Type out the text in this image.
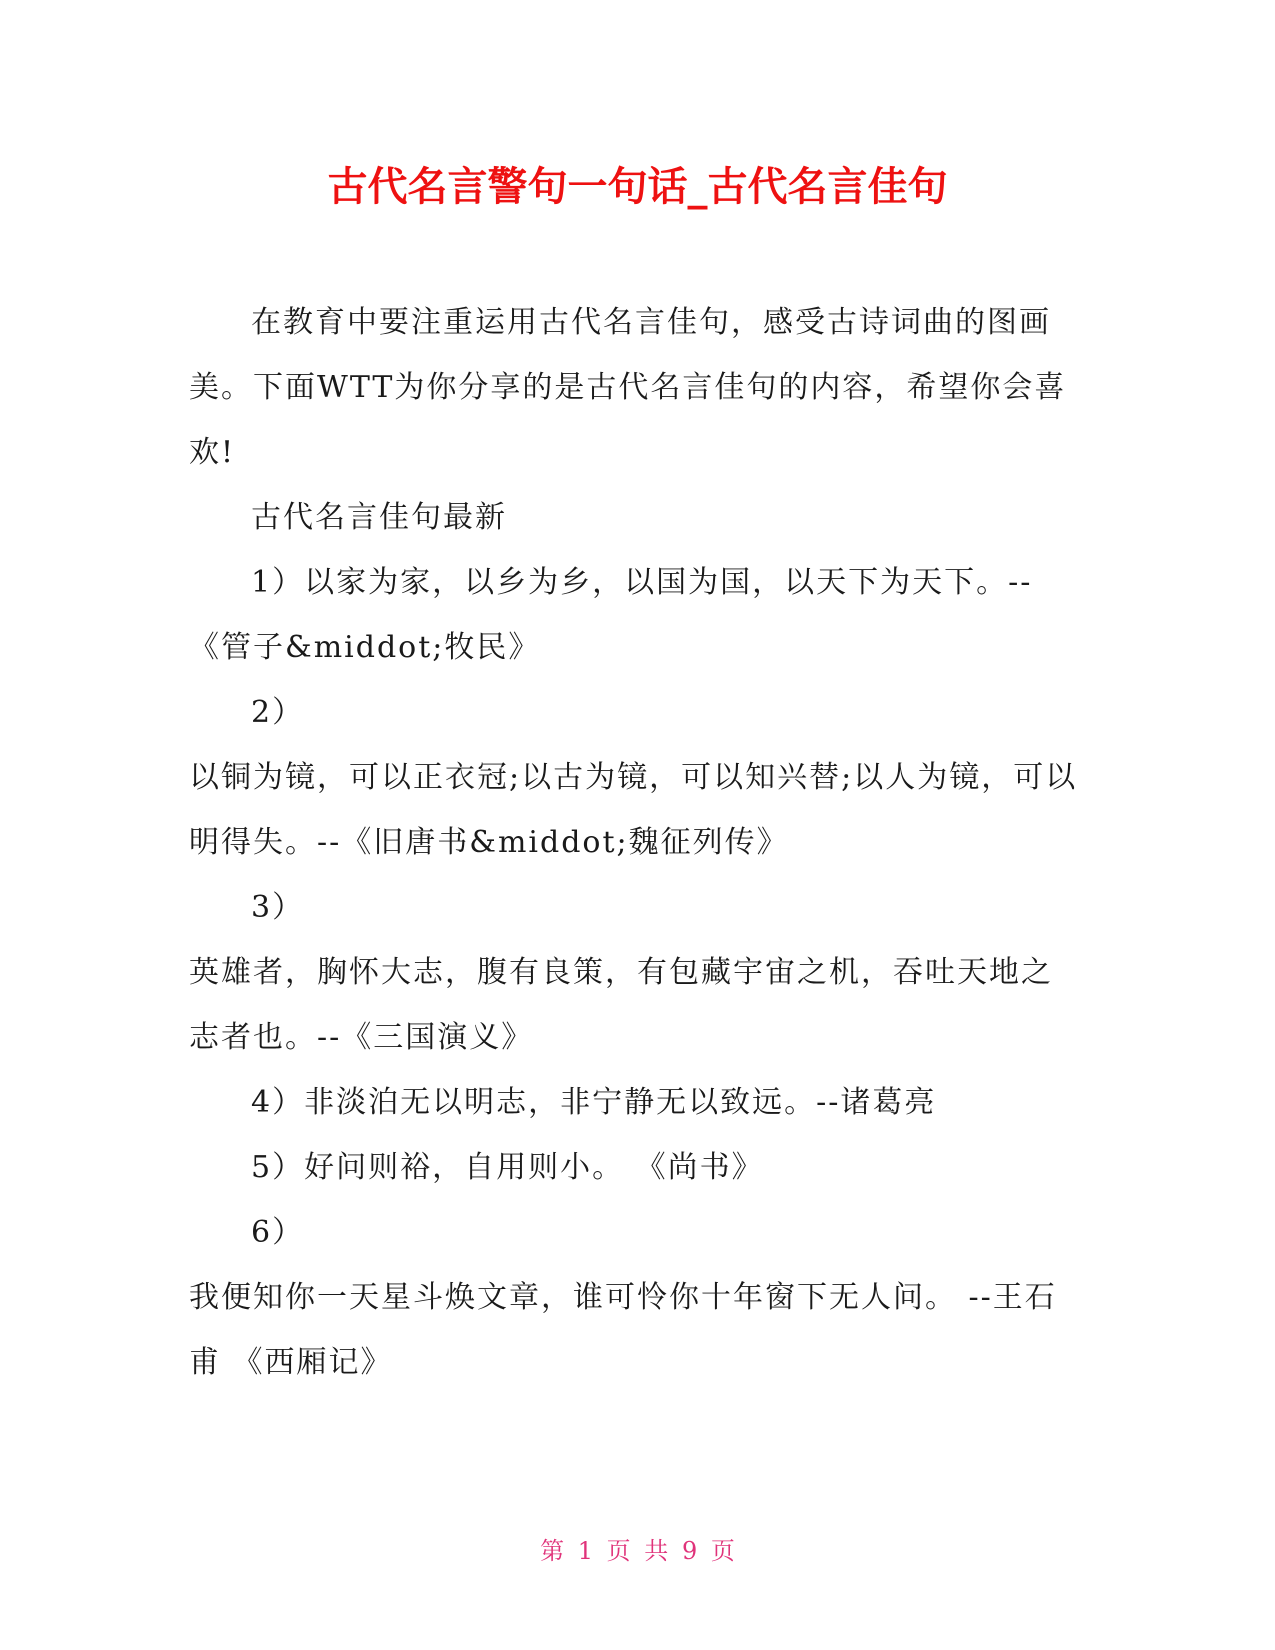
古代名言警句一句话_古代名言佳句

在教育中要注重运用古代名言佳句，感受古诗词曲的图画美。下面WTT为你分享的是古代名言佳句的内容，希望你会喜欢!

古代名言佳句最新

1）以家为家，以乡为乡，以国为国，以天下为天下。--《管子&middot;牧民》

2）

以铜为镜，可以正衣冠;以古为镜，可以知兴替;以人为镜，可以明得失。--《旧唐书&middot;魏征列传》

3）

英雄者，胸怀大志，腹有良策，有包藏宇宙之机，吞吐天地之志者也。--《三国演义》

4）非淡泊无以明志，非宁静无以致远。--诸葛亮

5）好问则裕，自用则小。 《尚书》

6）

我便知你一天星斗焕文章，谁可怜你十年窗下无人问。 --王石甫 《西厢记》

第 1 页 共 9 页
